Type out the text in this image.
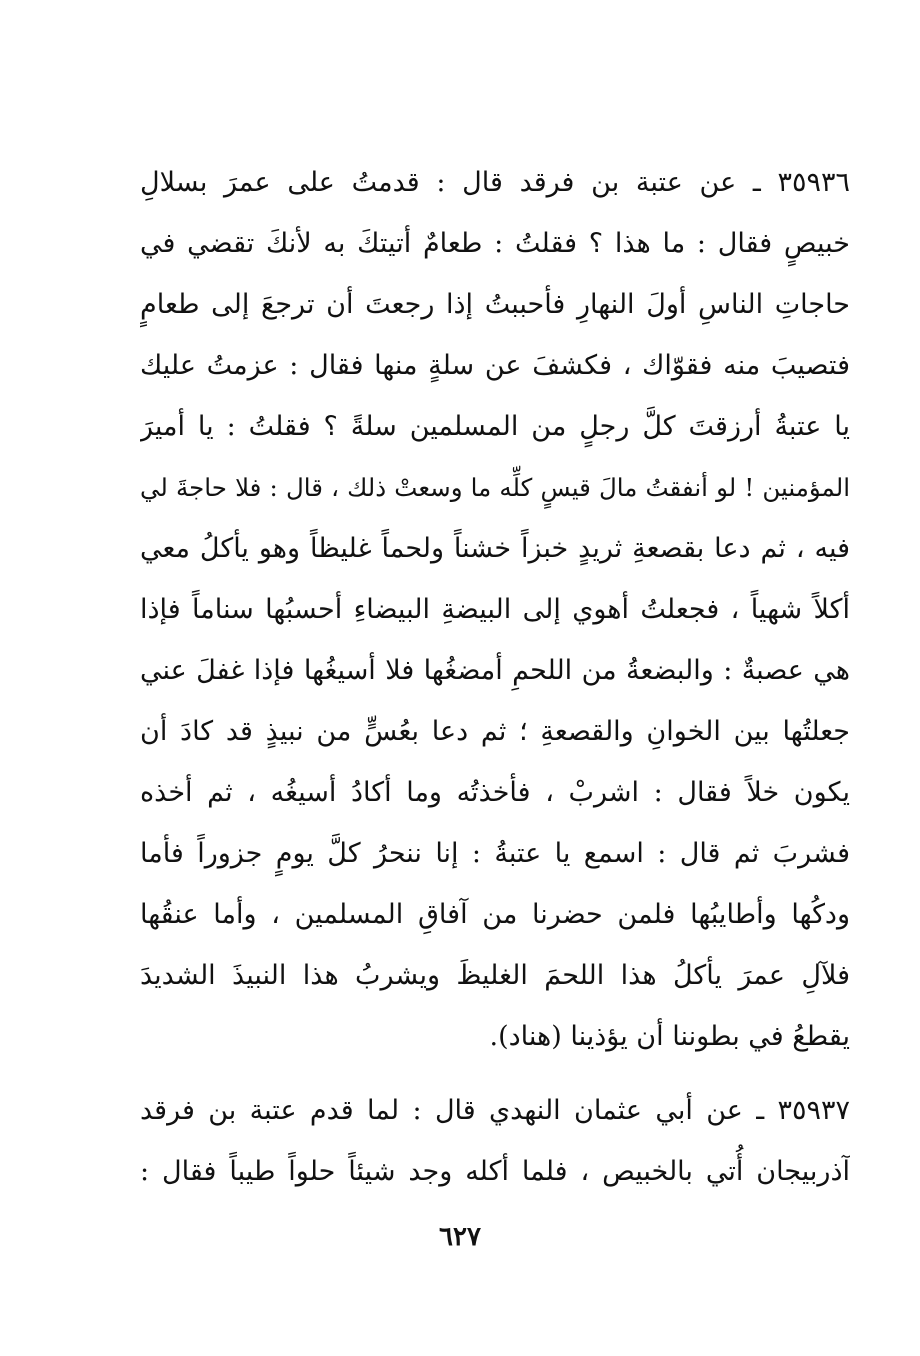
٣٥٩٣٦ ـ عن عتبة بن فرقد قال : قدمتُ على عمرَ بسلالِ
خبيصٍ فقال : ما هذا ؟ فقلتُ : طعامٌ أتيتكَ به لأنكَ تقضي في
حاجاتِ الناسِ أولَ النهارِ فأحببتُ إذا رجعتَ أن ترجعَ إلى طعامٍ
فتصيبَ منه فقوّاك ، فكشفَ عن سلةٍ منها فقال : عزمتُ عليك
يا عتبةُ أرزقتَ كلَّ رجلٍ من المسلمين سلةً ؟ فقلتُ : يا أميرَ
المؤمنين ! لو أنفقتُ مالَ قيسٍ كلِّه ما وسعتْ ذلك ، قال : فلا حاجةَ لي
فيه ، ثم دعا بقصعةِ ثريدٍ خبزاً خشناً ولحماً غليظاً وهو يأكلُ معي
أكلاً شهياً ، فجعلتُ أهوي إلى البيضةِ البيضاءِ أحسبُها سناماً فإذا
هي عصبةٌ : والبضعةُ من اللحمِ أمضغُها فلا أسيغُها فإذا غفلَ عني
جعلتُها بين الخوانِ والقصعةِ ؛ ثم دعا بعُسٍّ من نبيذٍ قد كادَ أن
يكون خلاً فقال : اشربْ ، فأخذتُه وما أكادُ أسيغُه ، ثم أخذه
فشربَ ثم قال : اسمع يا عتبةُ : إنا ننحرُ كلَّ يومٍ جزوراً فأما
ودكُها وأطايبُها فلمن حضرنا من آفاقِ المسلمين ، وأما عنقُها
فلآلِ عمرَ يأكلُ هذا اللحمَ الغليظَ ويشربُ هذا النبيذَ الشديدَ
يقطعُ في بطوننا أن يؤذينا (هناد).
٣٥٩٣٧ ـ عن أبي عثمان النهدي قال : لما قدم عتبة بن فرقد
آذربيجان أُتي بالخبيص ، فلما أكله وجد شيئاً حلواً طيباً فقال :
٦٢٧
